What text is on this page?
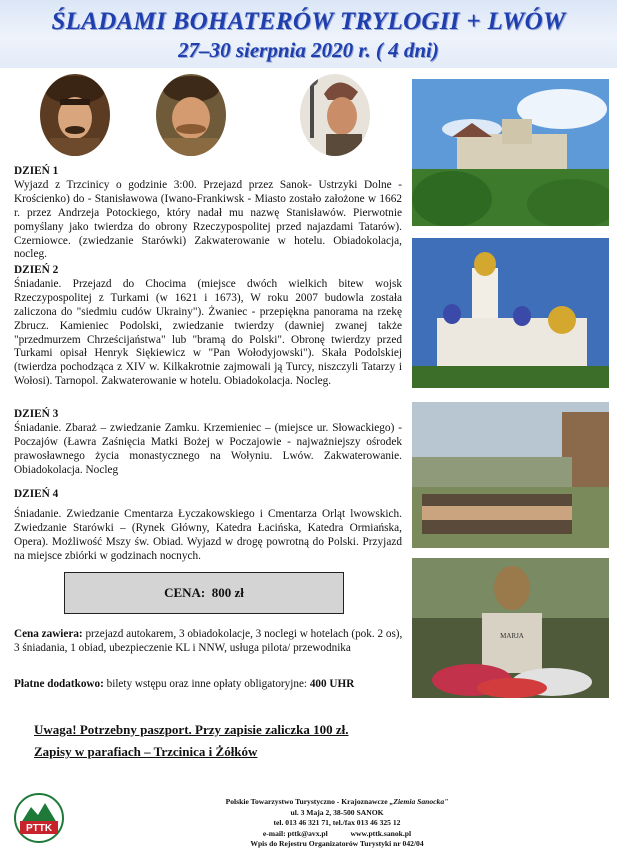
ŚLADAMI BOHATERÓW TRYLOGII + LWÓW
27–30 sierpnia 2020 r. ( 4 dni)
MARJA

DZIEŃ 1

Wyjazd z Trzcinicy o godzinie 3:00. Przejazd przez Sanok- Ustrzyki Dolne - Krościenko) do - Stanisławowa (Iwano-Frankiwsk - Miasto zostało założone w 1662 r. przez Andrzeja Potockiego, który nadał mu nazwę Stanisławów. Pierwotnie pomyślany jako twierdza do obrony Rzeczypospolitej przed najazdami Tatarów). Czerniowce. (zwiedzanie Starówki) Zakwaterowanie w hotelu. Obiadokolacja, nocleg.

DZIEŃ 2

Śniadanie. Przejazd do Chocima (miejsce dwóch wielkich bitew wojsk Rzeczypospolitej z Turkami (w 1621 i 1673), W roku 2007 budowla została zaliczona do "siedmiu cudów Ukrainy"). Żwaniec - przepiękna panorama na rzekę Zbrucz. Kamieniec Podolski, zwiedzanie twierdzy (dawniej zwanej także "przedmurzem Chrześcijaństwa" lub "bramą do Polski". Obronę twierdzy przed Turkami opisał Henryk Siękiewicz w "Pan Wołodyjowski"). Skała Podolskiej (twierdza pochodząca z XIV w. Kilkakrotnie zajmowali ją Turcy, niszczyli Tatarzy i Wołosi). Tarnopol. Zakwaterowanie w hotelu. Obiadokolacja. Nocleg.

DZIEŃ 3

Śniadanie. Zbaraż – zwiedzanie Zamku. Krzemieniec – (miejsce ur. Słowackiego) - Poczajów (Ławra Zaśnięcia Matki Bożej w Poczajowie - najważniejszy ośrodek prawosławnego życia monastycznego na Wołyniu. Lwów. Zakwaterowanie. Obiadokolacja. Nocleg

DZIEŃ 4

Śniadanie. Zwiedzanie Cmentarza Łyczakowskiego i Cmentarza Orląt lwowskich. Zwiedzanie Starówki – (Rynek Główny, Katedra Łacińska, Katedra Ormiańska, Opera). Możliwość Mszy św. Obiad. Wyjazd w drogę powrotną do Polski. Przyjazd na miejsce zbiórki w godzinach nocnych.

CENA: 800 zł
Cena zawiera: przejazd autokarem, 3 obiadokolacje, 3 noclegi w hotelach (pok. 2 os), 3 śniadania, 1 obiad, ubezpieczenie KL i NNW, usługa pilota/ przewodnika
Płatne dodatkowo: bilety wstępu oraz inne opłaty obligatoryjne: 400 UHR
Uwaga! Potrzebny paszport. Przy zapisie zaliczka 100 zł.
Zapisy w parafiach – Trzcinica i Żółków
PTTK
Polskie Towarzystwo Turystyczno - Krajoznawcze „Ziemia Sanocka"
ul. 3 Maja 2, 38-500 SANOK
tel. 013 46 321 71, tel./fax 013 46 325 12
e-mail: pttk@avx.pl	www.pttk.sanok.pl
Wpis do Rejestru Organizatorów Turystyki nr 042/04
